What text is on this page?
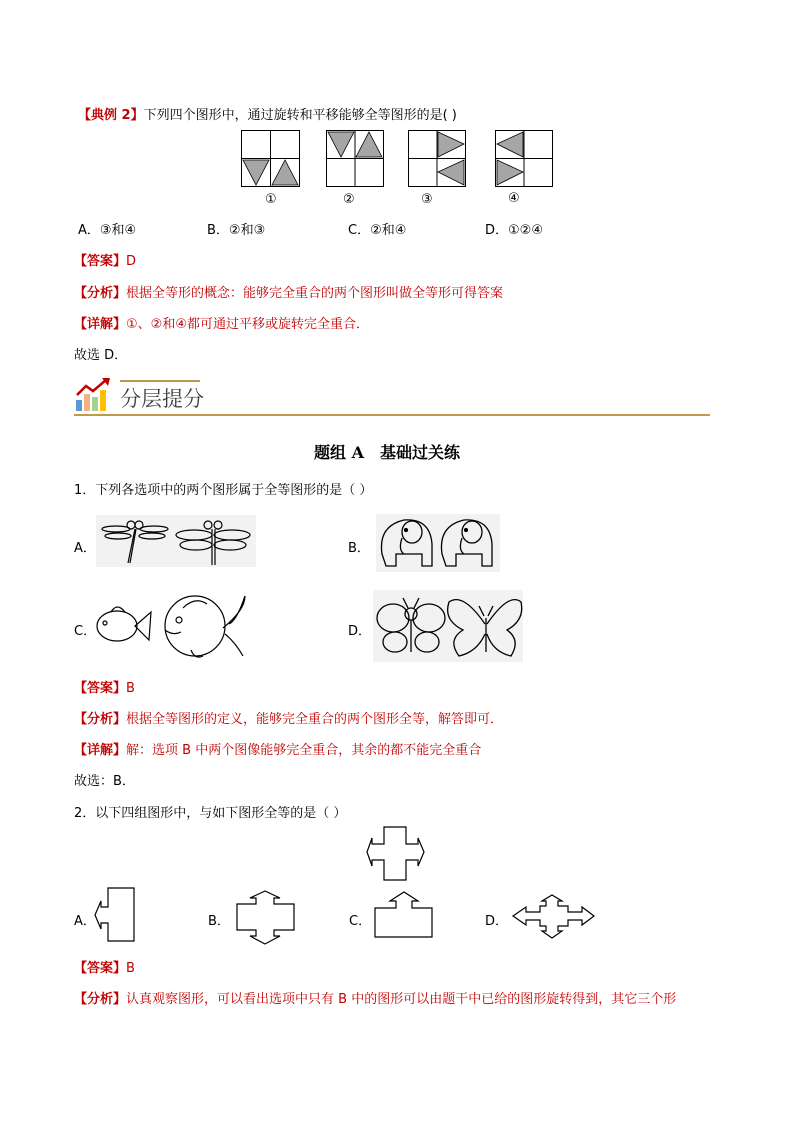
【典例 2】下列四个图形中，通过旋转和平移能够全等图形的是( )
①	②	③	④
A．③和④	B．②和③	C．②和④	D．①②④
【答案】D
【分析】根据全等形的概念：能够完全重合的两个图形叫做全等形可得答案
【详解】①、②和④都可通过平移或旋转完全重合．
故选 D．
分层提分
题组 A　基础过关练
1．下列各选项中的两个图形属于全等图形的是（ ）
A．	B．
C．	D．
【答案】B
【分析】根据全等图形的定义，能够完全重合的两个图形全等，解答即可．
【详解】解：选项 B 中两个图像能够完全重合，其余的都不能完全重合
故选：B．
2．以下四组图形中，与如下图形全等的是（ ）
A．	B．	C．	D．
【答案】B
【分析】认真观察图形，可以看出选项中只有 B 中的图形可以由题干中已给的图形旋转得到，其它三个形
